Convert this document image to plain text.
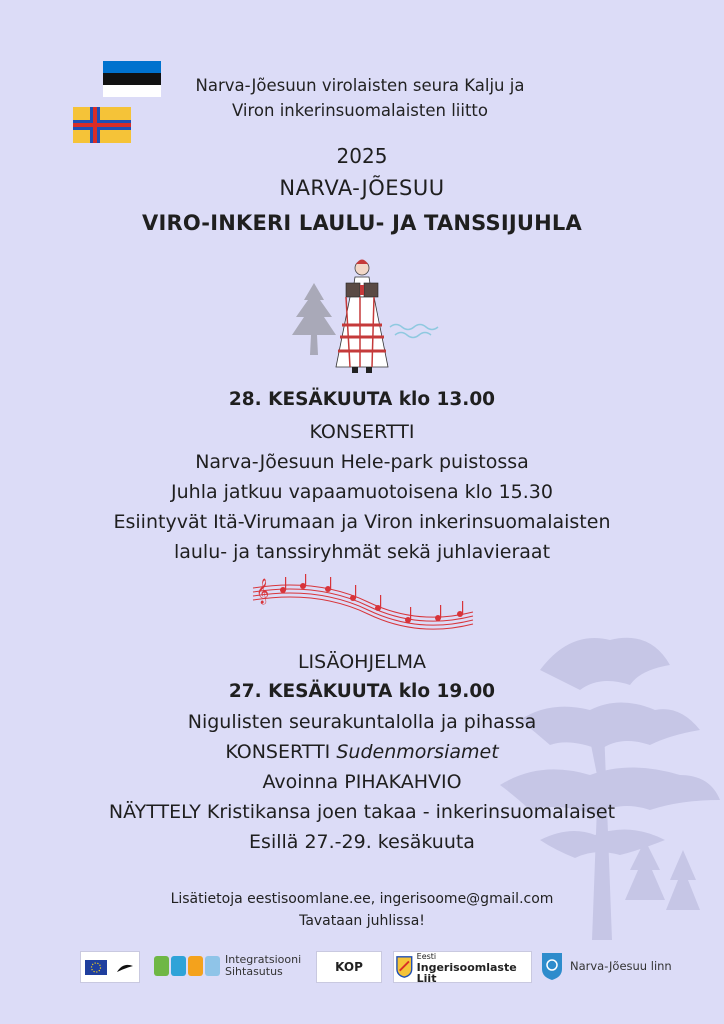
Narva-Jõesuun virolaisten seura Kalju ja
Viron inkerinsuomalaisten liitto
2025
NARVA-JÕESUU
VIRO-INKERI LAULU- JA TANSSIJUHLA
28. KESÄKUUTA klo 13.00
KONSERTTI
Narva-Jõesuun Hele-park puistossa
Juhla jatkuu vapaamuotoisena klo 15.30
Esiintyvät Itä-Virumaan ja Viron inkerinsuomalaisten
laulu- ja tanssiryhmät sekä juhlavieraat
𝄞
LISÄOHJELMA
27. KESÄKUUTA klo 19.00
Nigulisten seurakuntalolla ja pihassa
KONSERTTI Sudenmorsiamet
Avoinna PIHAKAHVIO
NÄYTTELY Kristikansa joen takaa - inkerinsuomalaiset
Esillä 27.-29. kesäkuuta
Lisätietoja eestisoomlane.ee, ingerisoome@gmail.com
Tavataan juhlissa!
Integratsiooni
Sihtasutus	KOP
Eesti
Ingerisoomlaste Liit
Narva-Jõesuu linn
